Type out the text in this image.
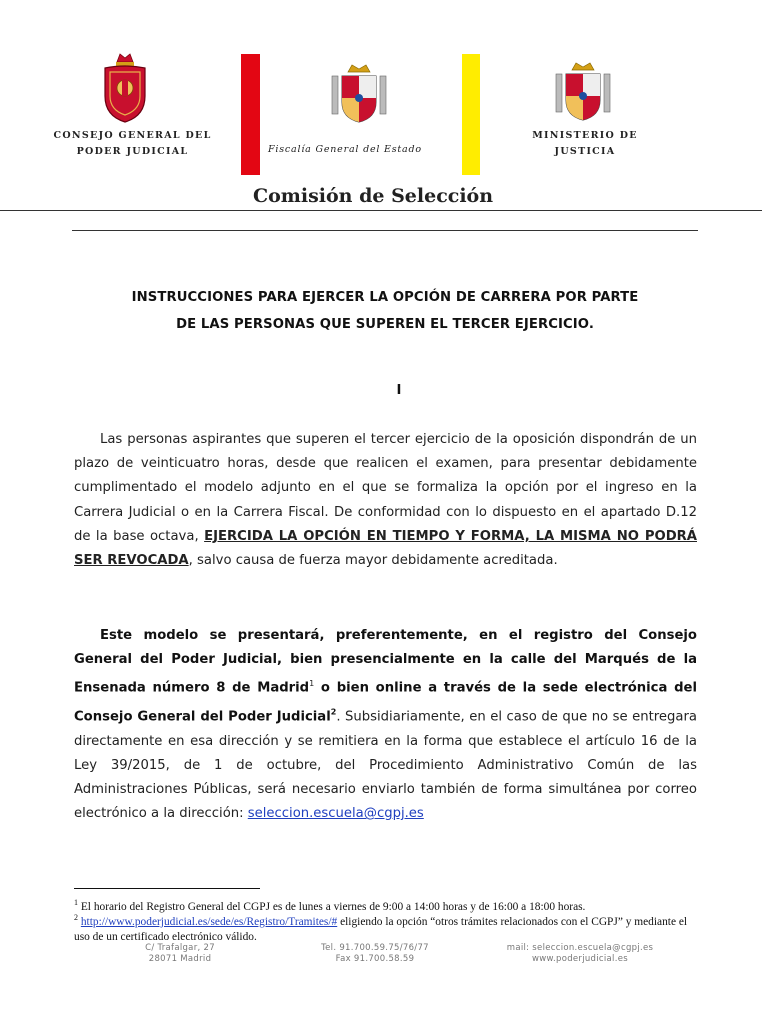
CONSEJO GENERAL DEL
PODER JUDICIAL	Fiscalía General del Estado
MINISTERIO DE
JUSTICIA
Comisión de Selección
INSTRUCCIONES PARA EJERCER LA OPCIÓN DE CARRERA POR PARTE
DE LAS PERSONAS QUE SUPEREN EL TERCER EJERCICIO.
I
Las personas aspirantes que superen el tercer ejercicio de la oposición dispondrán de un plazo de veinticuatro horas, desde que realicen el examen, para presentar debidamente cumplimentado el modelo adjunto en el que se formaliza la opción por el ingreso en la Carrera Judicial o en la Carrera Fiscal. De conformidad con lo dispuesto en el apartado D.12 de la base octava, EJERCIDA LA OPCIÓN EN TIEMPO Y FORMA, LA MISMA NO PODRÁ SER REVOCADA, salvo causa de fuerza mayor debidamente acreditada.
Este modelo se presentará, preferentemente, en el registro del Consejo General del Poder Judicial, bien presencialmente en la calle del Marqués de la Ensenada número 8 de Madrid$^1$ o bien online a través de la sede electrónica del Consejo General del Poder Judicial$^2$. Subsidiariamente, en el caso de que no se entregara directamente en esa dirección y se remitiera en la forma que establece el artículo 16 de la Ley 39/2015, de 1 de octubre, del Procedimiento Administrativo Común de las Administraciones Públicas, será necesario enviarlo también de forma simultánea por correo electrónico a la dirección: seleccion.escuela@cgpj.es
$^1$ El horario del Registro General del CGPJ es de lunes a viernes de 9:00 a 14:00 horas y de 16:00 a 18:00 horas.
$^2$ http://www.poderjudicial.es/sede/es/Registro/Tramites/# eligiendo la opción “otros trámites relacionados con el CGPJ” y mediante el uso de un certificado electrónico válido.
C/ Trafalgar, 27
28071 Madrid
Tel. 91.700.59.75/76/77
Fax 91.700.58.59
mail: seleccion.escuela@cgpj.es
www.poderjudicial.es
